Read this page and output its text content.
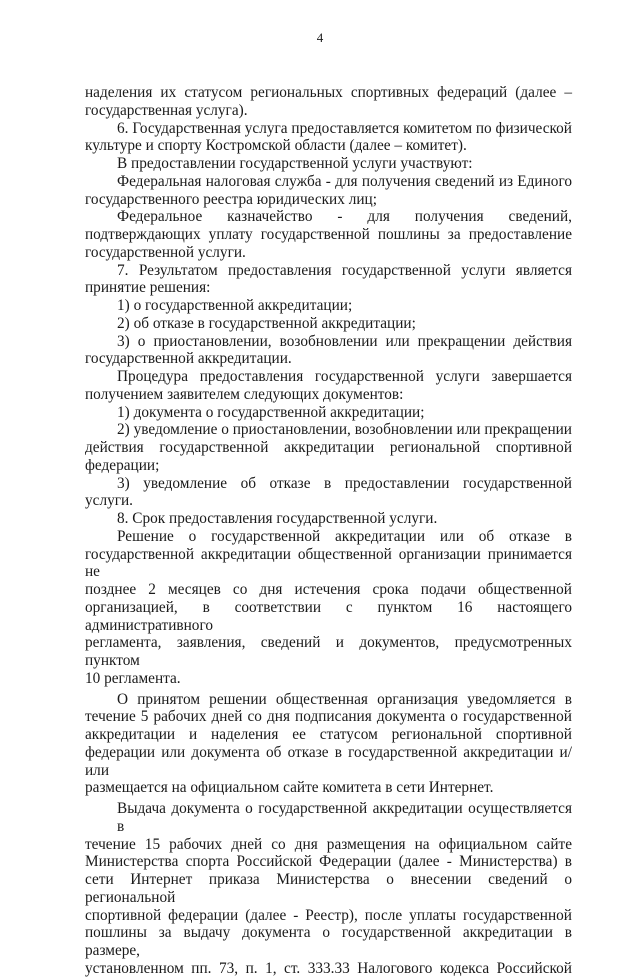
4
наделения их статусом региональных спортивных федераций (далее –
государственная услуга).
6. Государственная услуга предоставляется комитетом по физической
культуре и спорту Костромской области (далее – комитет).
В предоставлении государственной услуги участвуют:
Федеральная налоговая служба - для получения сведений из Единого
государственного реестра юридических лиц;
Федеральное казначейство - для получения сведений,
подтверждающих уплату государственной пошлины за предоставление
государственной услуги.
7. Результатом предоставления государственной услуги является
принятие решения:
1) о государственной аккредитации;
2) об отказе в государственной аккредитации;
3) о приостановлении, возобновлении или прекращении действия
государственной аккредитации.
Процедура предоставления государственной услуги завершается
получением заявителем следующих документов:
1) документа о государственной аккредитации;
2) уведомление о приостановлении, возобновлении или прекращении
действия государственной аккредитации региональной спортивной
федерации;
3) уведомление об отказе в предоставлении государственной
услуги.
8. Срок предоставления государственной услуги.
Решение о государственной аккредитации или об отказе в
государственной аккредитации общественной организации принимается не
позднее 2 месяцев со дня истечения срока подачи общественной
организацией, в соответствии с пунктом 16 настоящего административного
регламента, заявления, сведений и документов, предусмотренных пунктом
10 регламента.
О принятом решении общественная организация уведомляется в
течение 5 рабочих дней со дня подписания документа о государственной
аккредитации и наделения ее статусом региональной спортивной
федерации или документа об отказе в государственной аккредитации и/или
размещается на официальном сайте комитета в сети Интернет.
Выдача документа о государственной аккредитации осуществляется в
течение 15 рабочих дней со дня размещения на официальном сайте
Министерства спорта Российской Федерации (далее - Министерства) в
сети Интернет приказа Министерства о внесении сведений о региональной
спортивной федерации (далее - Реестр), после уплаты государственной
пошлины за выдачу документа о государственной аккредитации в размере,
установленном пп. 73, п. 1, ст. 333.33 Налогового кодекса Российской
